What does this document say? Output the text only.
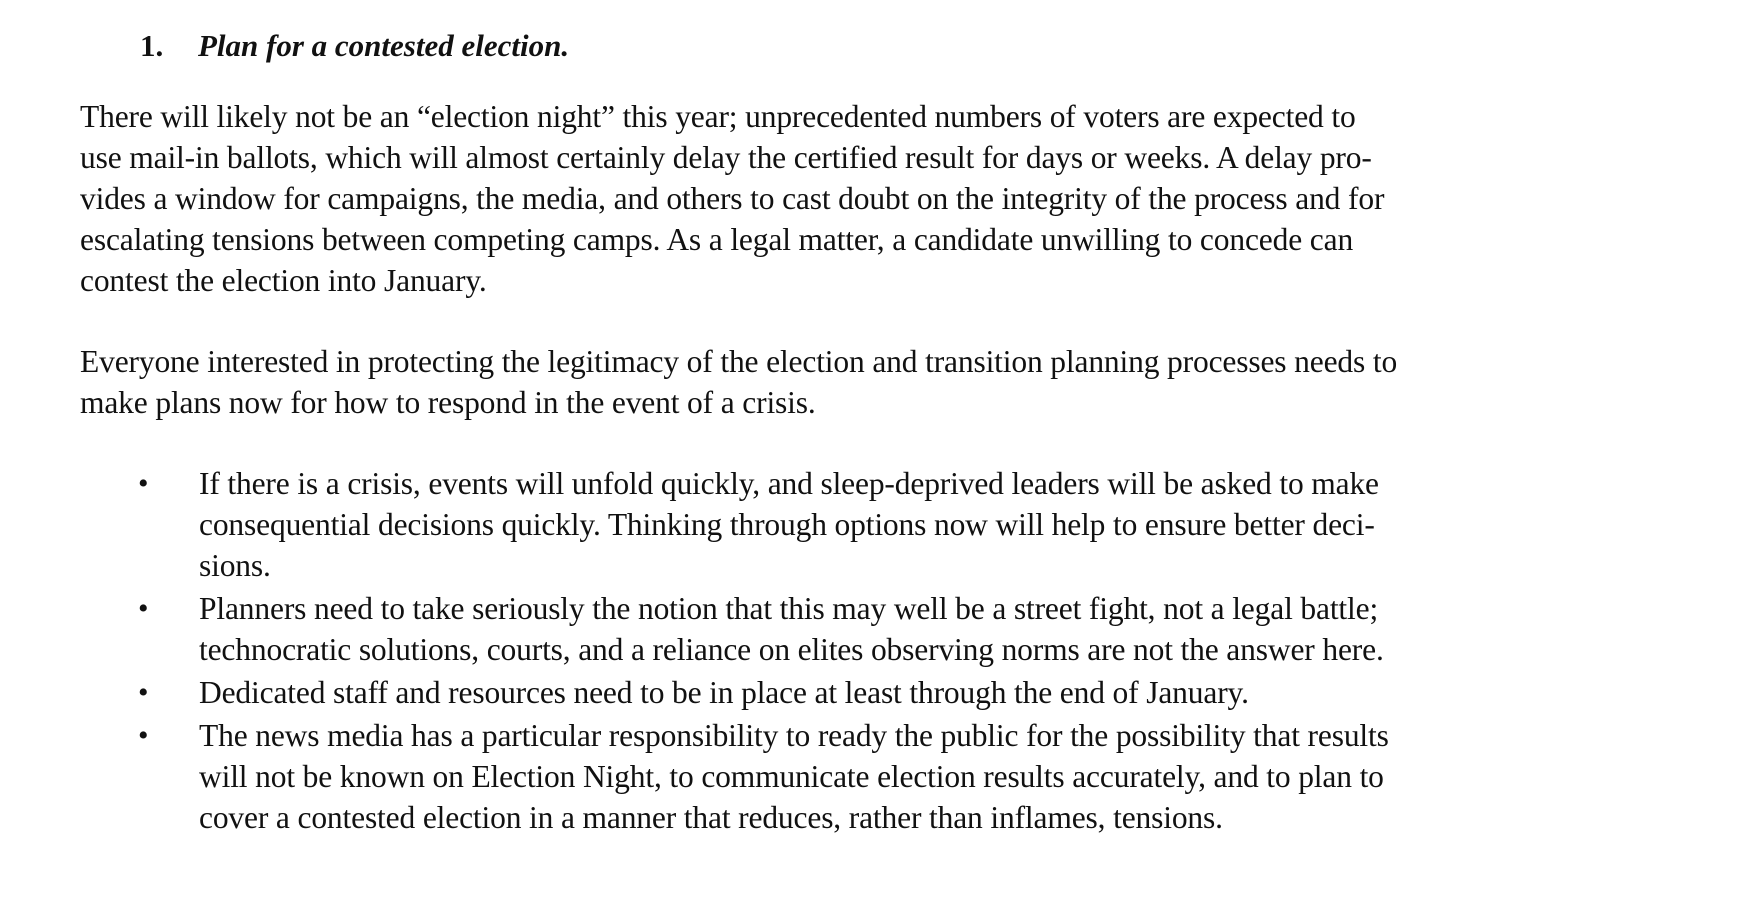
1.	Plan for a contested election.

There will likely not be an “election night” this year; unprecedented numbers of voters are expected to
use mail-in ballots, which will almost certainly delay the certified result for days or weeks. A delay pro-
vides a window for campaigns, the media, and others to cast doubt on the integrity of the process and for
escalating tensions between competing camps. As a legal matter, a candidate unwilling to concede can
contest the election into January.

Everyone interested in protecting the legitimacy of the election and transition planning processes needs to
make plans now for how to respond in the event of a crisis.

•	If there is a crisis, events will unfold quickly, and sleep-deprived leaders will be asked to make
consequential decisions quickly. Thinking through options now will help to ensure better deci-
sions.
•	Planners need to take seriously the notion that this may well be a street fight, not a legal battle;
technocratic solutions, courts, and a reliance on elites observing norms are not the answer here.
•	Dedicated staff and resources need to be in place at least through the end of January.
•	The news media has a particular responsibility to ready the public for the possibility that results
will not be known on Election Night, to communicate election results accurately, and to plan to
cover a contested election in a manner that reduces, rather than inflames, tensions.
